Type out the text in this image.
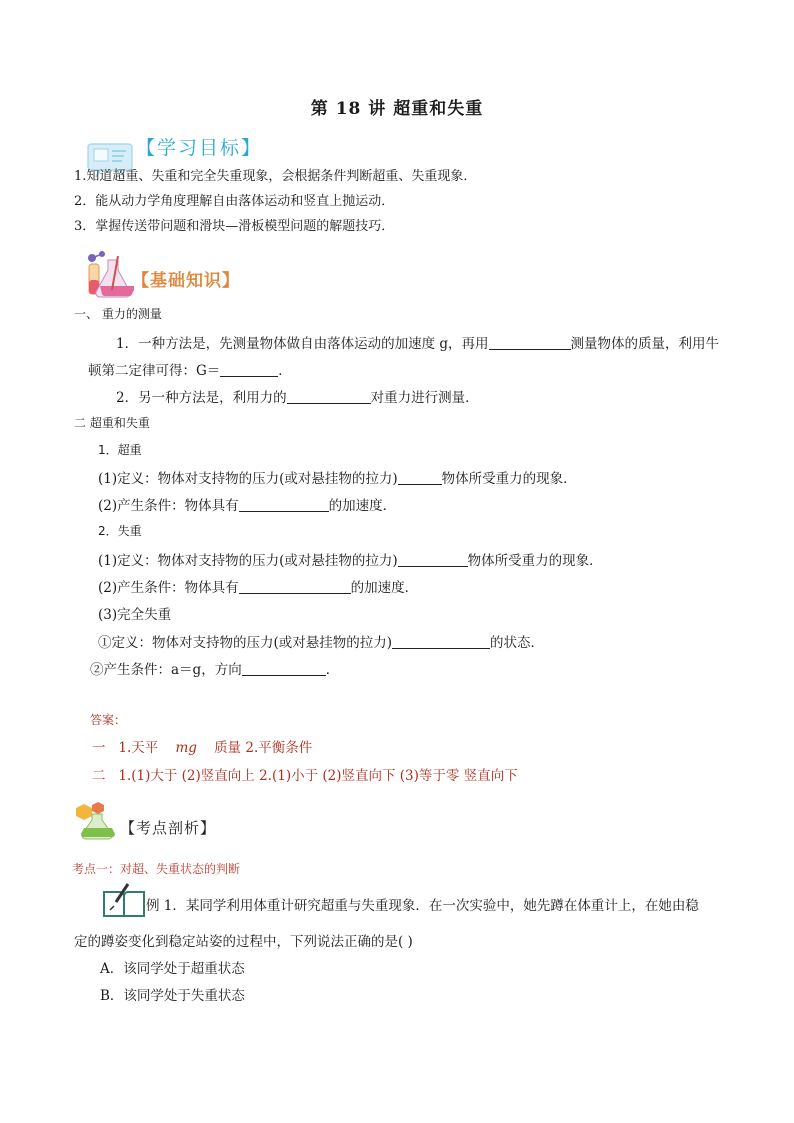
第 18 讲 超重和失重
【学习目标】
1.知道超重、失重和完全失重现象，会根据条件判断超重、失重现象．
2．能从动力学角度理解自由落体运动和竖直上抛运动．
3．掌握传送带问题和滑块—滑板模型问题的解题技巧．
【基础知识】
一、 重力的测量
1．一种方法是，先测量物体做自由落体运动的加速度 g，再用	测量物体的质量，利用牛
顿第二定律可得：G＝	．
2．另一种方法是，利用力的	对重力进行测量．
二 超重和失重
1．超重
(1)定义：物体对支持物的压力(或对悬挂物的拉力)	物体所受重力的现象．
(2)产生条件：物体具有	的加速度．
2．失重
(1)定义：物体对支持物的压力(或对悬挂物的拉力)	物体所受重力的现象．
(2)产生条件：物体具有	的加速度．
(3)完全失重
①定义：物体对支持物的压力(或对悬挂物的拉力)	的状态．
②产生条件：a＝g，方向	．
答案：
一 1.天平 mg 质量 2.平衡条件
二 1.(1)大于 (2)竖直向上 2.(1)小于 (2)竖直向下 (3)等于零 竖直向下
【考点剖析】
考点一：对超、失重状态的判断
例 1．某同学利用体重计研究超重与失重现象．在一次实验中，她先蹲在体重计上，在她由稳
定的蹲姿变化到稳定站姿的过程中，下列说法正确的是( )
A．该同学处于超重状态
B．该同学处于失重状态
